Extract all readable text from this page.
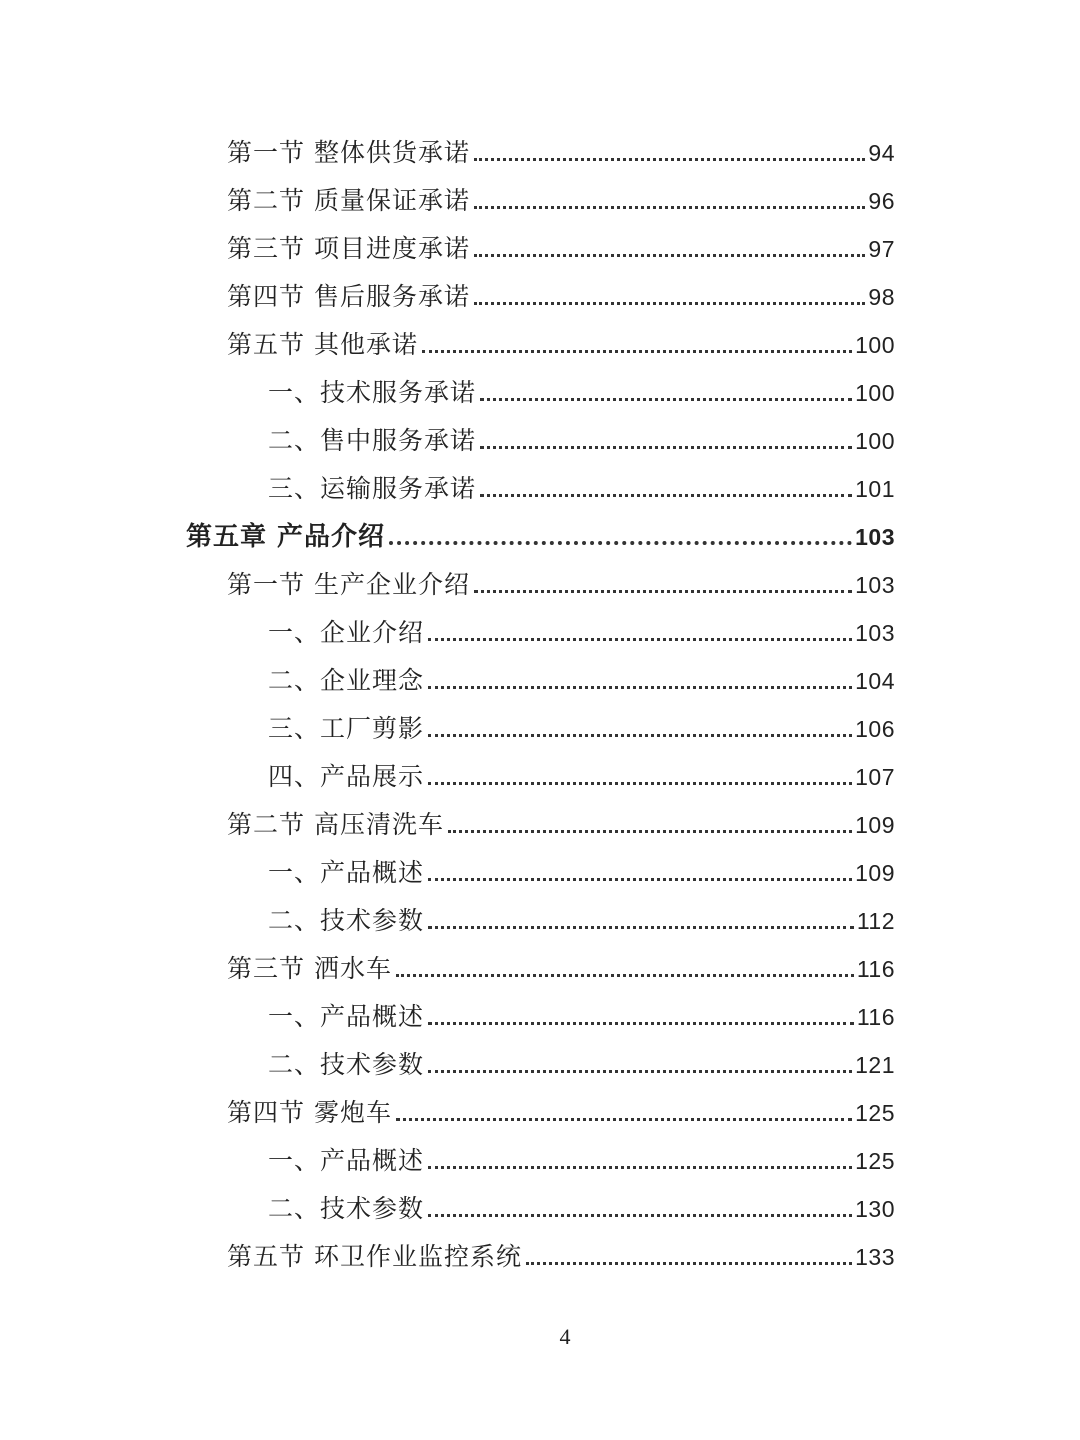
第一节 整体供货承诺	94
第二节 质量保证承诺	96
第三节 项目进度承诺	97
第四节 售后服务承诺	98
第五节 其他承诺	100
一、技术服务承诺	100
二、售中服务承诺	100
三、运输服务承诺	101
第五章 产品介绍	103
第一节 生产企业介绍	103
一、企业介绍	103
二、企业理念	104
三、工厂剪影	106
四、产品展示	107
第二节 高压清洗车	109
一、产品概述	109
二、技术参数	112
第三节 洒水车	116
一、产品概述	116
二、技术参数	121
第四节 雾炮车	125
一、产品概述	125
二、技术参数	130
第五节 环卫作业监控系统	133
4
